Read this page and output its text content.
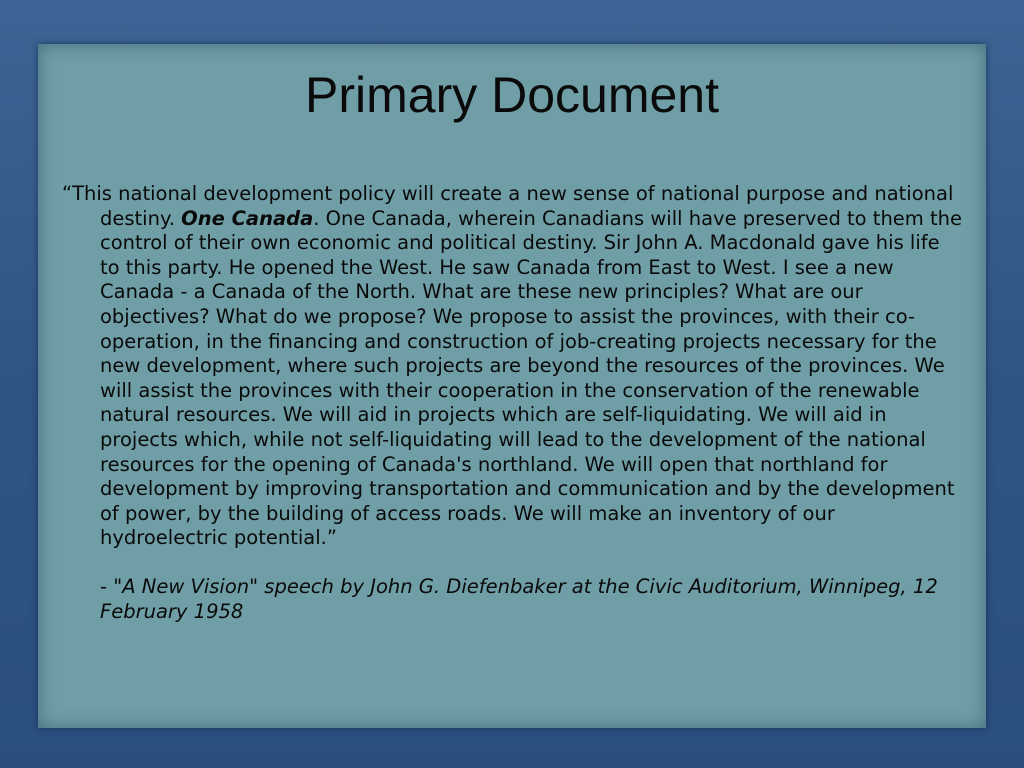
Primary Document

“This national development policy will create a new sense of national purpose and national destiny. One Canada. One Canada, wherein Canadians will have preserved to them the control of their own economic and political destiny. Sir John A. Macdonald gave his life to this party. He opened the West. He saw Canada from East to West. I see a new Canada - a Canada of the North. What are these new principles? What are our objectives? What do we propose? We propose to assist the provinces, with their co-operation, in the financing and construction of job-creating projects necessary for the new development, where such projects are beyond the resources of the provinces. We will assist the provinces with their cooperation in the conservation of the renewable natural resources. We will aid in projects which are self-liquidating. We will aid in projects which, while not self-liquidating will lead to the development of the national resources for the opening of Canada's northland. We will open that northland for development by improving transportation and communication and by the development of power, by the building of access roads. We will make an inventory of our hydroelectric potential.”

- "A New Vision" speech by John G. Diefenbaker at the Civic Auditorium, Winnipeg, 12 February 1958
